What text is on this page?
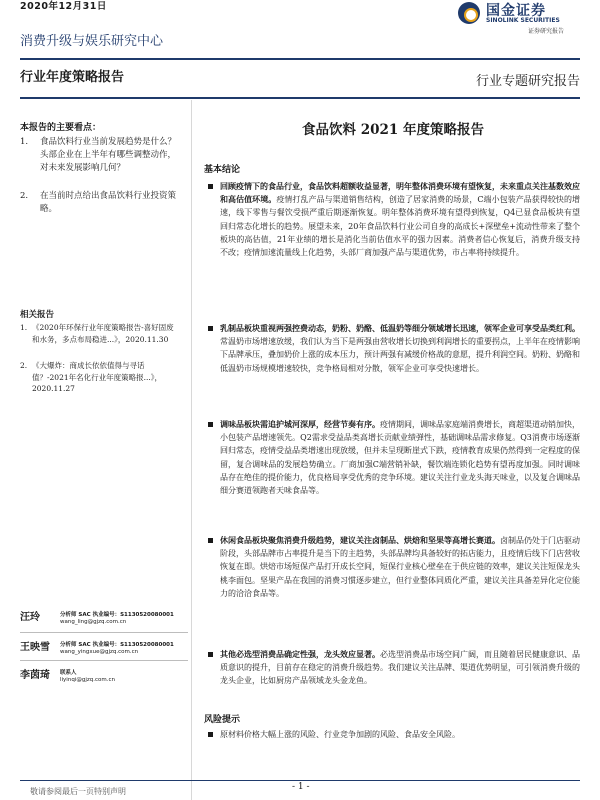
2020年12月31日
消费升级与娱乐研究中心
国金证券
SINOLINK SECURITIES
证券研究报告
行业年度策略报告	行业专题研究报告
本报告的主要看点：
1.	食品饮料行业当前发展趋势是什么？头部企业在上半年有哪些调整动作，对未来发展影响几何？
2.	在当前时点给出食品饮料行业投资策略。
相关报告
1. 《2020年环保行业年度策略报告-喜好固废和水务，多点布局稳进...》，2020.11.30
2. 《大爆炸：商成长依依值得与寻话值？-2021年名化行业年度策略报...》，2020.11.27
汪玲	分析师 SAC 执业编号：S1130520080001
wang_ling@gjzq.com.cn
王映雪 分析师 SAC 执业编号：S1130520080001
wang_yingxue@gjzq.com.cn
李茵琦 联系人
liyinqi@gjzq.com.cn
食品饮料 2021 年度策略报告
基本结论
回顾疫情下的食品行业，食品饮料超额收益显著，明年整体消费环境有望恢复，未来重点关注基数效应和高估值环境。疫情打乱产品与渠道销售结构，创造了居家消费的场景，C端小包装产品获得较快的增速，线下零售与餐饮受损严重后期逐渐恢复。明年整体消费环境有望得到恢复，Q4已显食品板块有望回归常态化增长的趋势。展望未来，20年食品饮料行业公司自身的高成长+深壁垒+流动性带来了整个板块的高估值，21年业绩的增长是消化当前估值水平的强力因素。消费者信心恢复后，消费升级支持不改；疫情加速流量线上化趋势，头部厂商加强产品与渠道优势，市占率将持续提升。
乳制品板块重视两强控费动态，奶粉、奶酪、低温奶等细分领域增长迅速，领军企业可享受品类红利。常温奶市场增速放缓，我们认为当下是两强由营收增长切换到利润增长的重要拐点，上半年在疫情影响下品牌承压，叠加奶价上涨的成本压力，预计两强有减缓价格战的意愿，提升利润空间。奶粉、奶酪和低温奶市场规模增速较快，竞争格局相对分散，领军企业可享受快速增长。
调味品板块需追护城河深厚，经营节奏有序。疫情期间，调味品家庭端消费增长，商超渠道动销加快，小包装产品增速领先。Q2需求受益品类高增长贡献业绩弹性，基础调味品需求修复。Q3消费市场逐渐回归常态，疫情受益品类增速出现放缓，但并未呈现断崖式下跌，疫情教育成果仍然得到一定程度的保留，复合调味品的发展趋势确立。厂商加强C端营销补缺，餐饮端连锁化趋势有望再度加强。同时调味品存在绝佳的提价能力，优良格局享受优秀的竞争环境。建议关注行业龙头海天味业，以及复合调味品细分赛道领跑者天味食品等。
休闲食品板块聚焦消费升级趋势，建议关注卤制品、烘焙和坚果等高增长赛道。卤制品仍处于门店驱动阶段，头部品牌市占率提升是当下的主趋势，头部品牌均具备较好的拓店能力，且疫情后线下门店营收恢复在即。烘焙市场短保产品打开成长空间，短保行业核心壁垒在于供应链的效率，建议关注短保龙头桃李面包。坚果产品在我国的消费习惯逐步建立，但行业整体同质化严重，建议关注具备差异化定位能力的洽洽食品等。
其他必选型消费品确定性强，龙头效应显著。必选型消费品市场空间广阔，而且随着居民健康意识、品质意识的提升，目前存在稳定的消费升级趋势。我们建议关注品牌、渠道优势明显，可引领消费升级的龙头企业，比如厨房产品领域龙头金龙鱼。
风险提示
原材料价格大幅上涨的风险、行业竞争加剧的风险、食品安全风险。
- 1 -
敬请参阅最后一页特别声明
